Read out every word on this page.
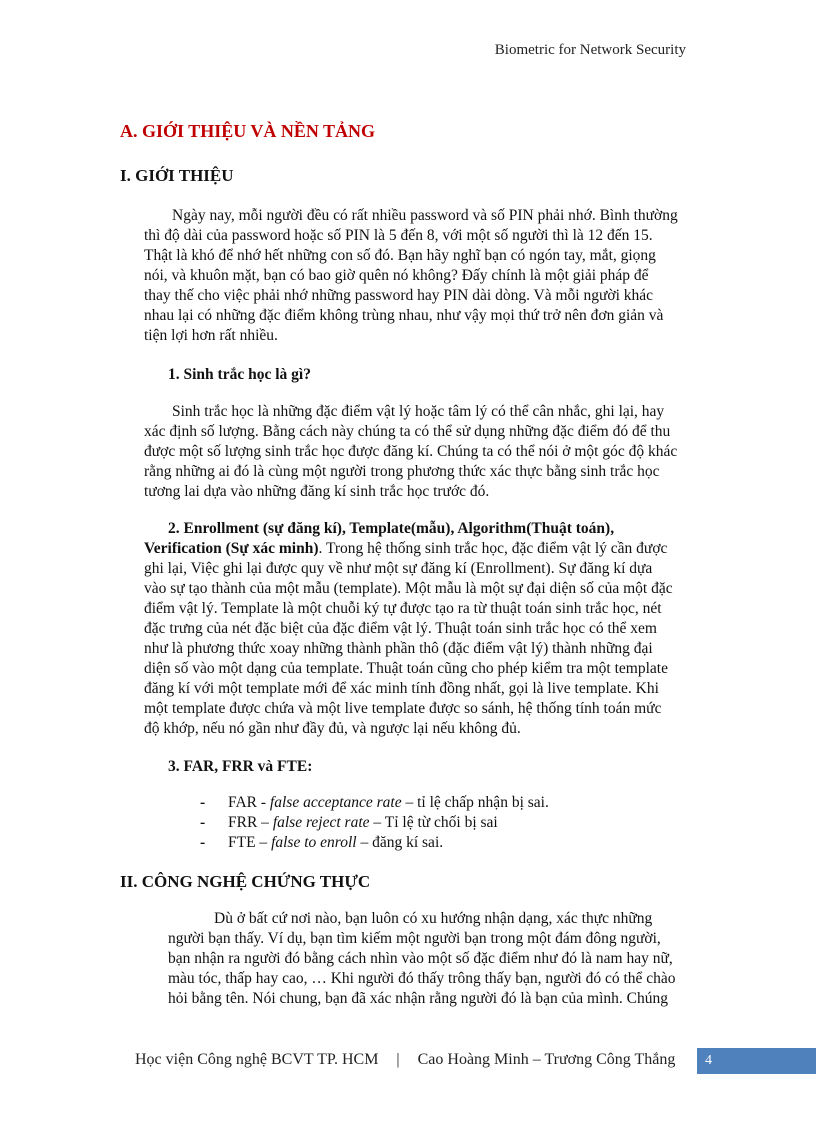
Biometric for Network Security
A. GIỚI THIỆU VÀ NỀN TẢNG
I. GIỚI THIỆU
Ngày nay, mỗi người đều có rất nhiều password và số PIN phải nhớ. Bình thường
thì độ dài của password hoặc số PIN là 5 đến 8, với một số người thì là 12 đến 15.
Thật là khó để nhớ hết những con số đó. Bạn hãy nghĩ bạn có ngón tay, mắt, giọng
nói, và khuôn mặt, bạn có bao giờ quên nó không? Đấy chính là một giải pháp để
thay thế cho việc phải nhớ những password hay PIN dài dòng. Và mỗi người khác
nhau lại có những đặc điểm không trùng nhau, như vậy mọi thứ trở nên đơn giản và
tiện lợi hơn rất nhiều.
1. Sinh trắc học là gì?
Sinh trắc học là những đặc điểm vật lý hoặc tâm lý có thể cân nhắc, ghi lại, hay
xác định số lượng. Bằng cách này chúng ta có thể sử dụng những đặc điểm đó để thu
được một số lượng sinh trắc học được đăng kí. Chúng ta có thể nói ở một góc độ khác
rằng những ai đó là cùng một người trong phương thức xác thực bằng sinh trắc học
tương lai dựa vào những đăng kí sinh trắc học trước đó.
2. Enrollment (sự đăng kí), Template(mẫu), Algorithm(Thuật toán),
Verification (Sự xác minh). Trong hệ thống sinh trắc học, đặc điểm vật lý cần được
ghi lại, Việc ghi lại được quy về như một sự đăng kí (Enrollment). Sự đăng kí dựa
vào sự tạo thành của một mẫu (template). Một mẫu là một sự đại diện số của một đặc
điểm vật lý. Template là một chuỗi ký tự được tạo ra từ thuật toán sinh trắc học, nét
đặc trưng của nét đặc biệt của đặc điểm vật lý. Thuật toán sinh trắc học có thể xem
như là phương thức xoay những thành phần thô (đặc điểm vật lý) thành những đại
diện số vào một dạng của template. Thuật toán cũng cho phép kiểm tra một template
đăng kí với một template mới để xác minh tính đồng nhất, gọi là live template. Khi
một template được chứa và một live template được so sánh, hệ thống tính toán mức
độ khớp, nếu nó gần như đầy đủ, và ngược lại nếu không đủ.
3. FAR, FRR và FTE:
-	FAR - false acceptance rate – tỉ lệ chấp nhận bị sai.
-	FRR – false reject rate – Tỉ lệ từ chối bị sai
-	FTE – false to enroll – đăng kí sai.
II. CÔNG NGHỆ CHỨNG THỰC
Dù ở bất cứ nơi nào, bạn luôn có xu hướng nhận dạng, xác thực những
người bạn thấy. Ví dụ, bạn tìm kiếm một người bạn trong một đám đông người,
bạn nhận ra người đó bằng cách nhìn vào một số đặc điểm như đó là nam hay nữ,
màu tóc, thấp hay cao, … Khi người đó thấy trông thấy bạn, người đó có thể chào
hỏi bằng tên. Nói chung, bạn đã xác nhận rằng người đó là bạn của mình. Chúng
Học viện Công nghệ BCVT TP. HCM | Cao Hoàng Minh – Trương Công Thắng 4
